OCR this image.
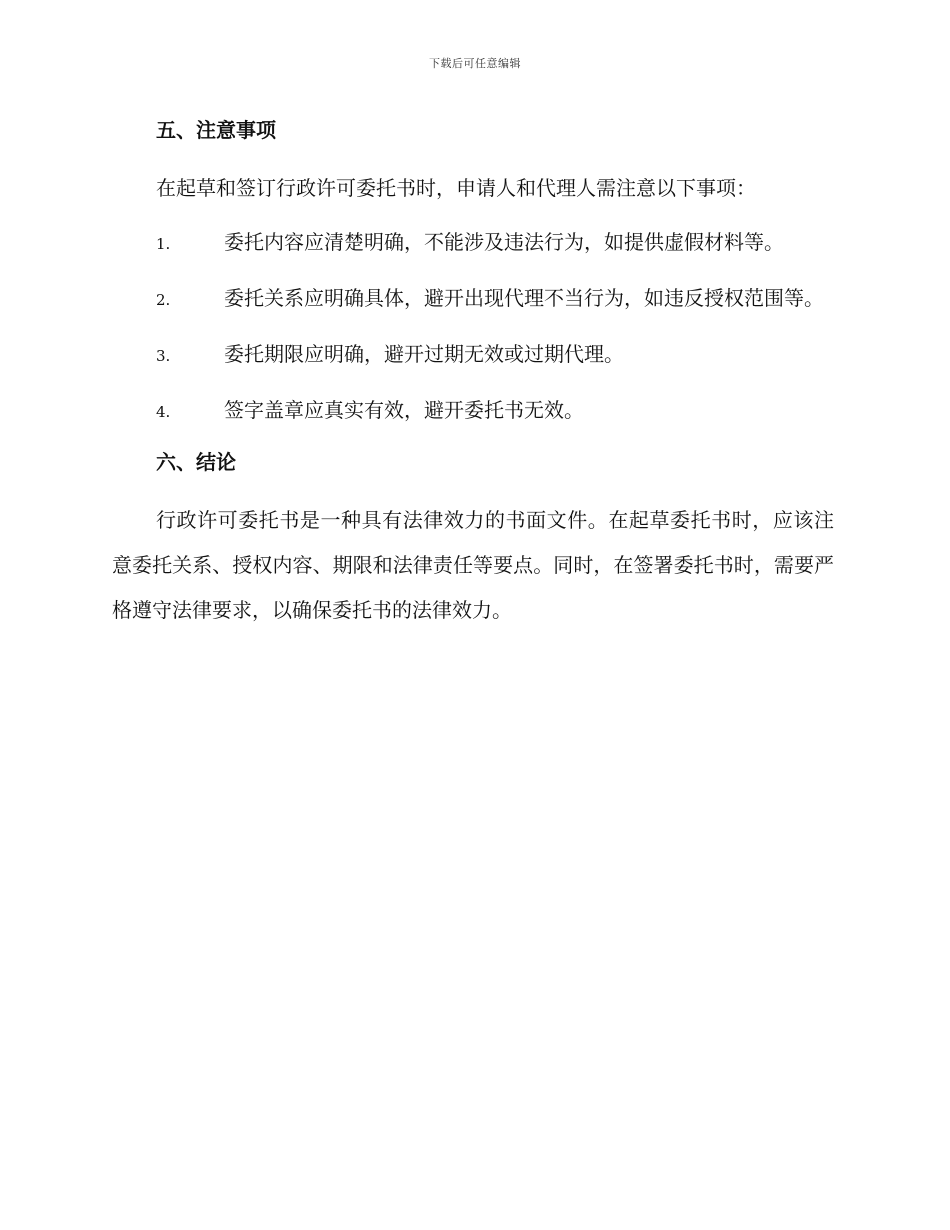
下载后可任意编辑
五、注意事项

在起草和签订行政许可委托书时，申请人和代理人需注意以下事项：

1.	委托内容应清楚明确，不能涉及违法行为，如提供虚假材料等。

2.	委托关系应明确具体，避开出现代理不当行为，如违反授权范围等。

3.	委托期限应明确，避开过期无效或过期代理。

4.	签字盖章应真实有效，避开委托书无效。

六、结论

行政许可委托书是一种具有法律效力的书面文件。在起草委托书时，应该注意委托关系、授权内容、期限和法律责任等要点。同时，在签署委托书时，需要严格遵守法律要求，以确保委托书的法律效力。
